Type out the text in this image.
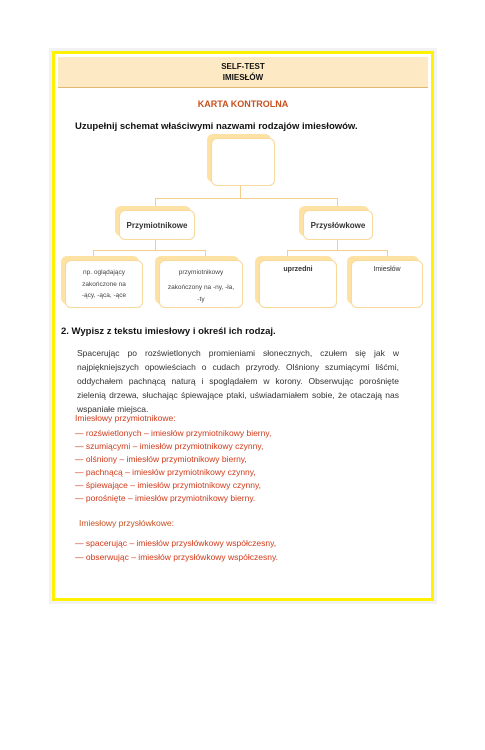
SELF-TEST
IMIESŁÓW
KARTA KONTROLNA
Uzupełnij schemat właściwymi nazwami rodzajów imiesłowów.
Przymiotnikowe	Przysłówkowe
np. oglądający
zakończone na
-ący, -ąca, -ące
przymiotnikowy
zakończony na -ny, -ła,
-ty
uprzedni	Imiesłów
2. Wypisz z tekstu imiesłowy i określ ich rodzaj.
Spacerując po rozświetlonych promieniami słonecznych, czułem się jak w najpiękniejszych opowieściach o cudach przyrody. Olśniony szumiącymi liśćmi, oddychałem pachnącą naturą i spoglądałem w korony. Obserwując porośnięte zielenią drzewa, słuchając śpiewające ptaki, uświadamiałem sobie, że otaczają nas wspaniałe miejsca.
Imiesłowy przymiotnikowe:
— rozświetlonych – imiesłów przymiotnikowy bierny,
— szumiącymi – imiesłów przymiotnikowy czynny,
— olśniony – imiesłów przymiotnikowy bierny,
— pachnącą – imiesłów przymiotnikowy czynny,
— śpiewające – imiesłów przymiotnikowy czynny,
— porośnięte – imiesłów przymiotnikowy bierny.
Imiesłowy przysłówkowe:
— spacerując – imiesłów przysłówkowy współczesny,
— obserwując – imiesłów przysłówkowy współczesny.
